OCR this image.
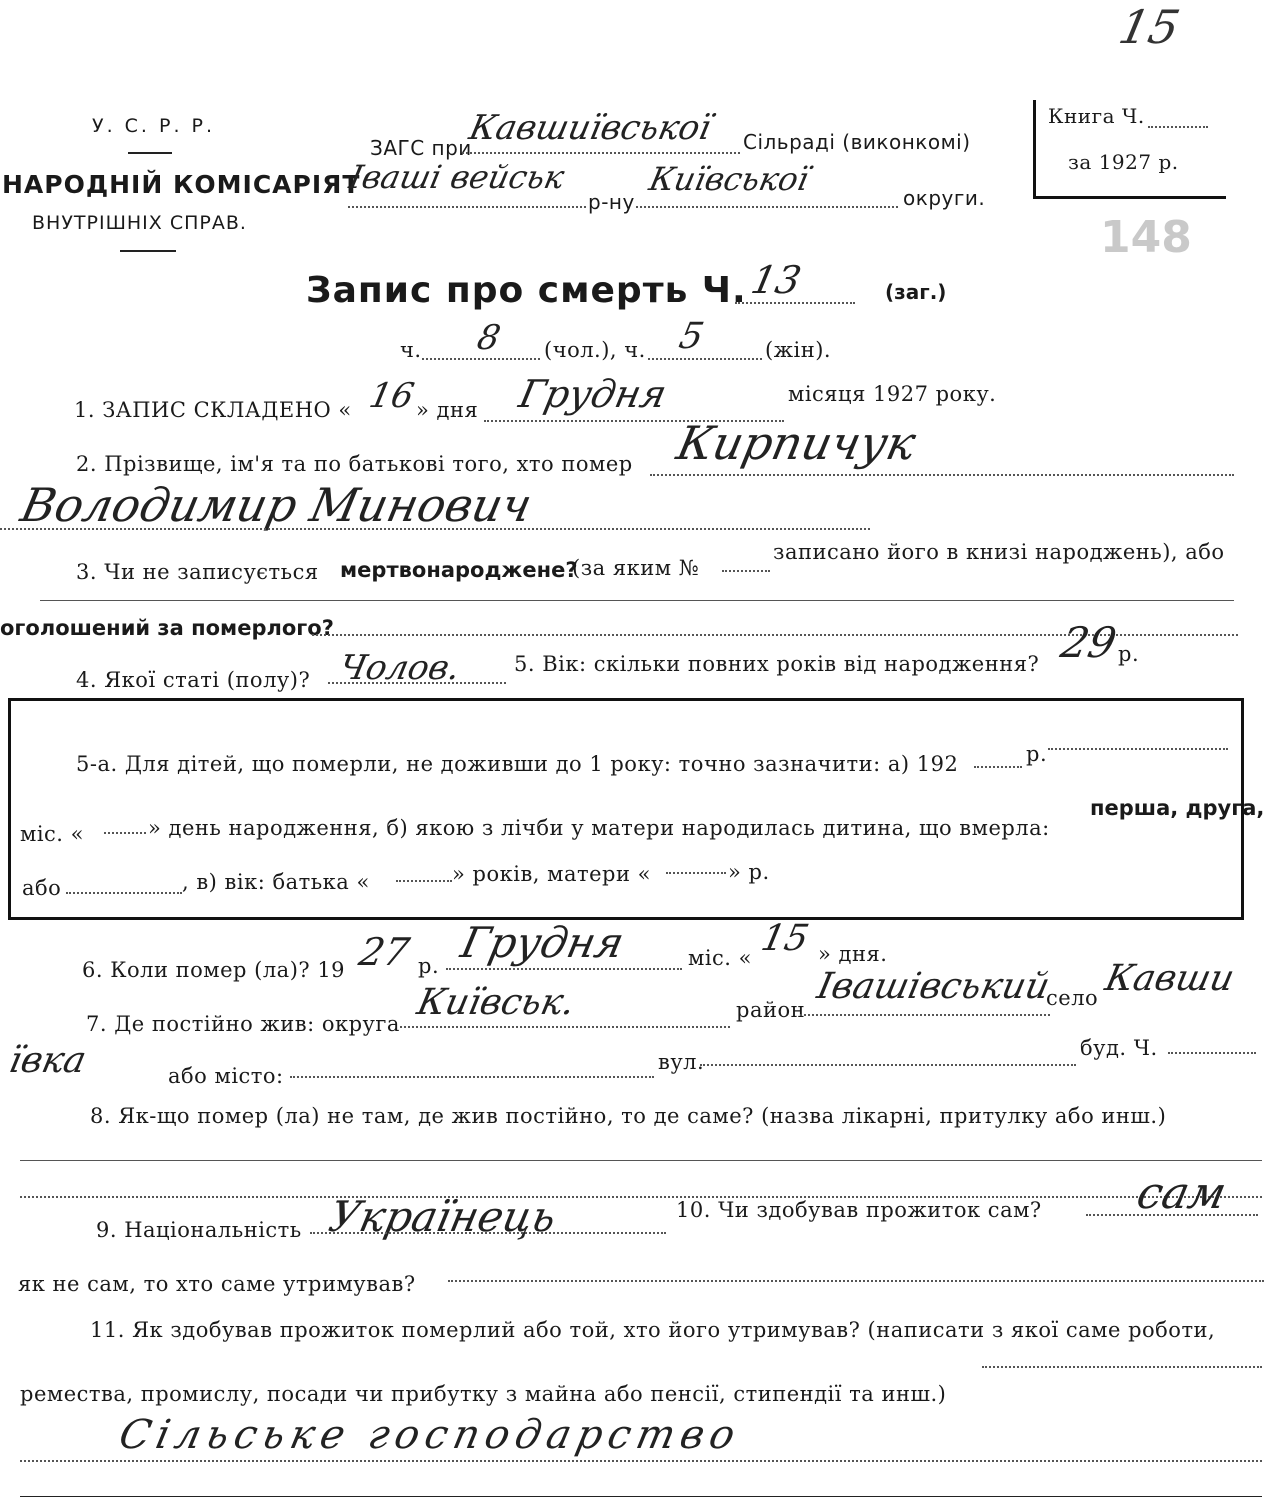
15
148
У. С. Р. Р.
НАРОДНІЙ КОМІСАРІЯТ
ВНУТРІШНІХ СПРАВ.
ЗАГС при
Кавшиївської Сільраді (виконкомі)
Іваші вейськ
р-ну
Київської	округи.
Книга Ч.
за 1927 р.
Запис про смерть Ч. 13	(заг.)
ч. 8 (чол.), ч. 5	(жін).
1. ЗАПИС СКЛАДЕНО « 16
» дня Грудня	місяця 1927 року.
2. Прізвище, ім'я та по батькові того, хто помер Кирпичук
Володимир Минович
3. Чи не записується мертвонароджене?
(за яким №
записано його в книзі народжень), або
оголошений за померлого?
4. Якої статі (полу)? Чолов. 5. Вік: скільки повних років від народження? 29
р.
5-а. Для дітей, що померли, не доживши до 1 року: точно зазначити: а) 192	р.
міс. «	» день народження, б) якою з лічби у матери народилась дитина, що вмерла:
перша, друга,
або	, в) вік: батька «	» років, матери «	» р.
6. Коли помер (ла)? 19 27 р. Грудня	міс. « 15 » дня.
7. Де постійно жив: округа
Київськ.	район
Івашівський
село Кавши
ївка	або місто:
вул.
буд. Ч.
8. Як-що помер (ла) не там, де жив постійно, то де саме? (назва лікарні, притулку або инш.)
9. Національність Українець	10. Чи здобував прожиток сам? сам
як не сам, то хто саме утримував?
11. Як здобував прожиток померлий або той, хто його утримував? (написати з якої саме роботи,
ремества, промислу, посади чи прибутку з майна або пенсії, стипендії та инш.)
Сільське господарство
